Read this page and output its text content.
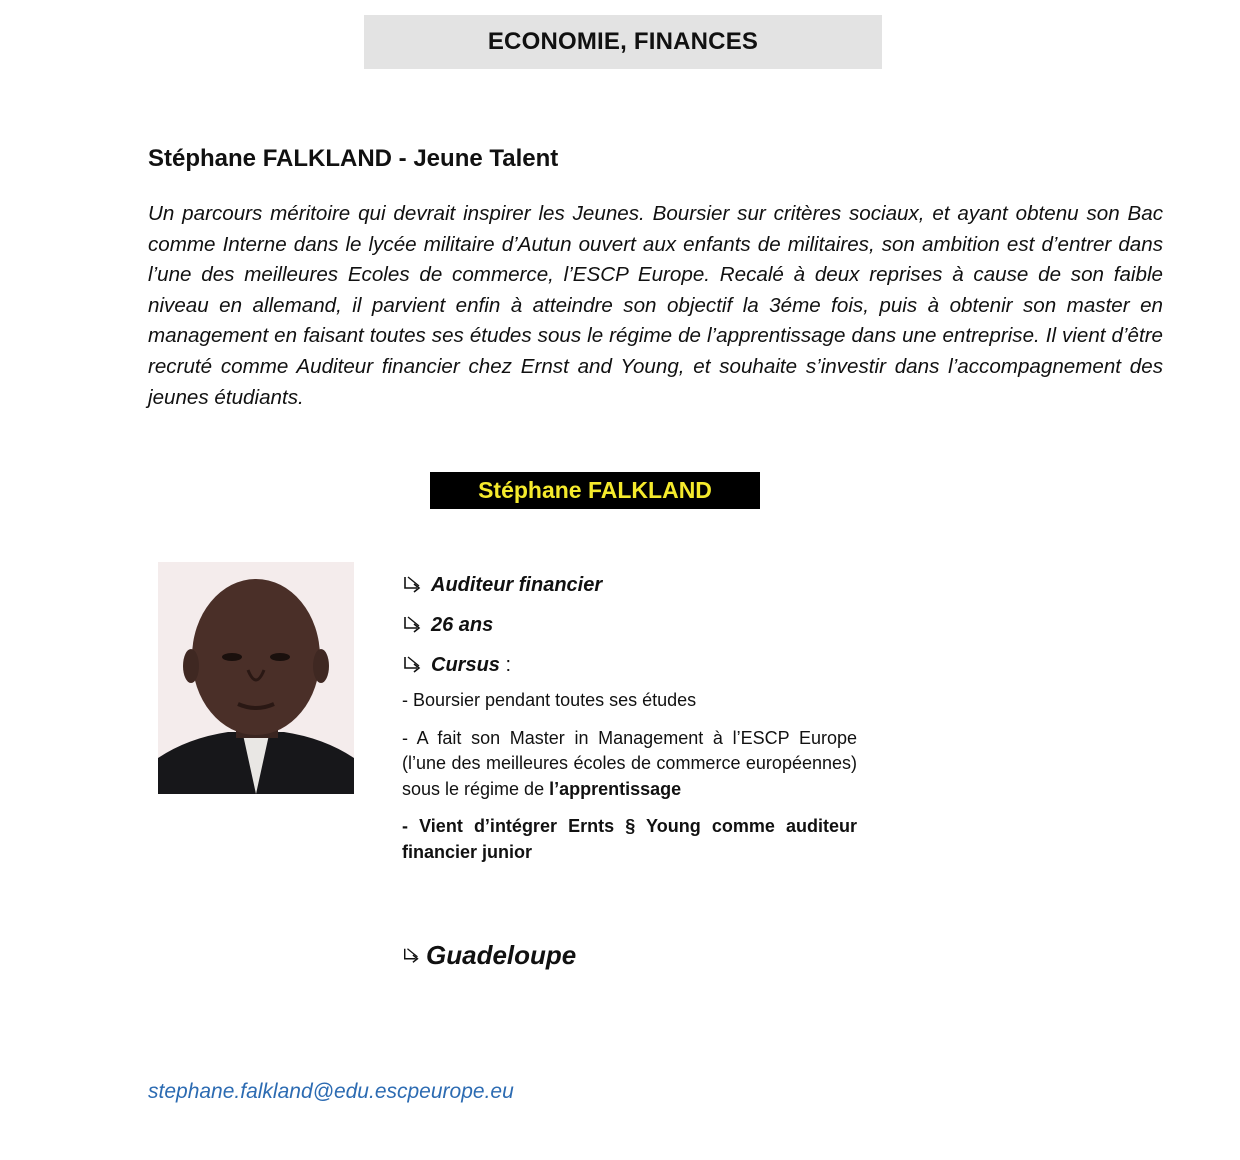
ECONOMIE, FINANCES
Stéphane FALKLAND - Jeune Talent

Un parcours méritoire qui devrait inspirer les Jeunes. Boursier sur critères sociaux, et ayant obtenu son Bac comme Interne dans le lycée militaire d’Autun ouvert aux enfants de militaires, son ambition est d’entrer dans l’une des meilleures Ecoles de commerce, l’ESCP Europe. Recalé à deux reprises à cause de son faible niveau en allemand, il parvient enfin à atteindre son objectif la 3éme fois, puis à obtenir son master en management en faisant toutes ses études sous le régime de l’apprentissage dans une entreprise. Il vient d’être recruté comme Auditeur financier chez Ernst and Young, et souhaite s’investir dans l’accompagnement des jeunes étudiants.

Stéphane FALKLAND
Auditeur financier
26 ans
Cursus :

- Boursier pendant toutes ses études

- A fait son Master in Management à l’ESCP Europe (l’une des meilleures écoles de commerce européennes) sous le régime de l’apprentissage

- Vient d’intégrer Ernts § Young comme auditeur financier junior

Guadeloupe
stephane.falkland@edu.escpeurope.eu
